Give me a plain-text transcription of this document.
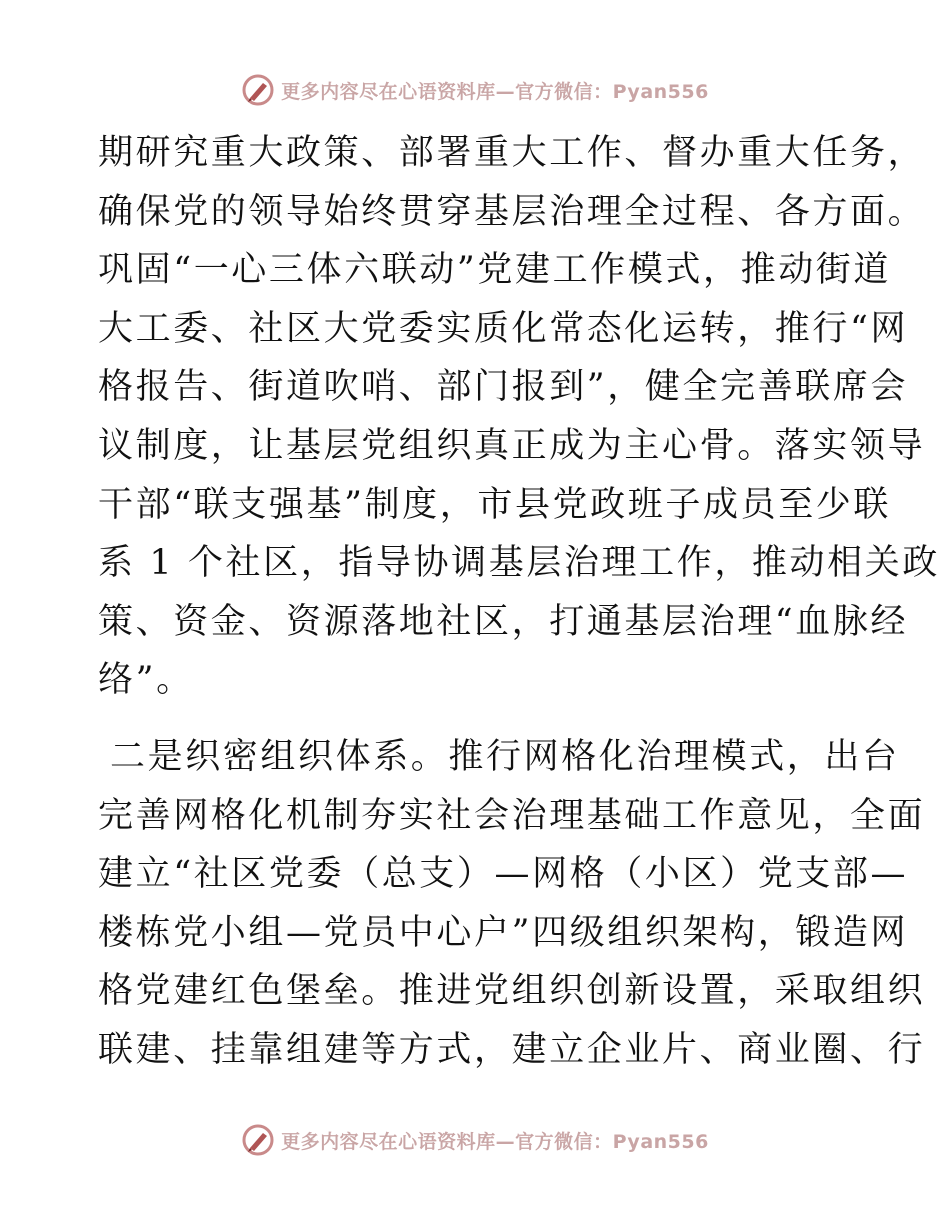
更多内容尽在心语资料库—官方微信：Pyan556

期研究重大政策、部署重大工作、督办重大任务，
确保党的领导始终贯穿基层治理全过程、各方面。
巩固“一心三体六联动”党建工作模式，推动街道
大工委、社区大党委实质化常态化运转，推行“网
格报告、街道吹哨、部门报到”，健全完善联席会
议制度，让基层党组织真正成为主心骨。落实领导
干部“联支强基”制度，市县党政班子成员至少联
系 1 个社区，指导协调基层治理工作，推动相关政
策、资金、资源落地社区，打通基层治理“血脉经
络”。

二是织密组织体系。推行网格化治理模式，出台
完善网格化机制夯实社会治理基础工作意见，全面
建立“社区党委（总支）—网格（小区）党支部—
楼栋党小组—党员中心户”四级组织架构，锻造网
格党建红色堡垒。推进党组织创新设置，采取组织
联建、挂靠组建等方式，建立企业片、商业圈、行

更多内容尽在心语资料库—官方微信：Pyan556
